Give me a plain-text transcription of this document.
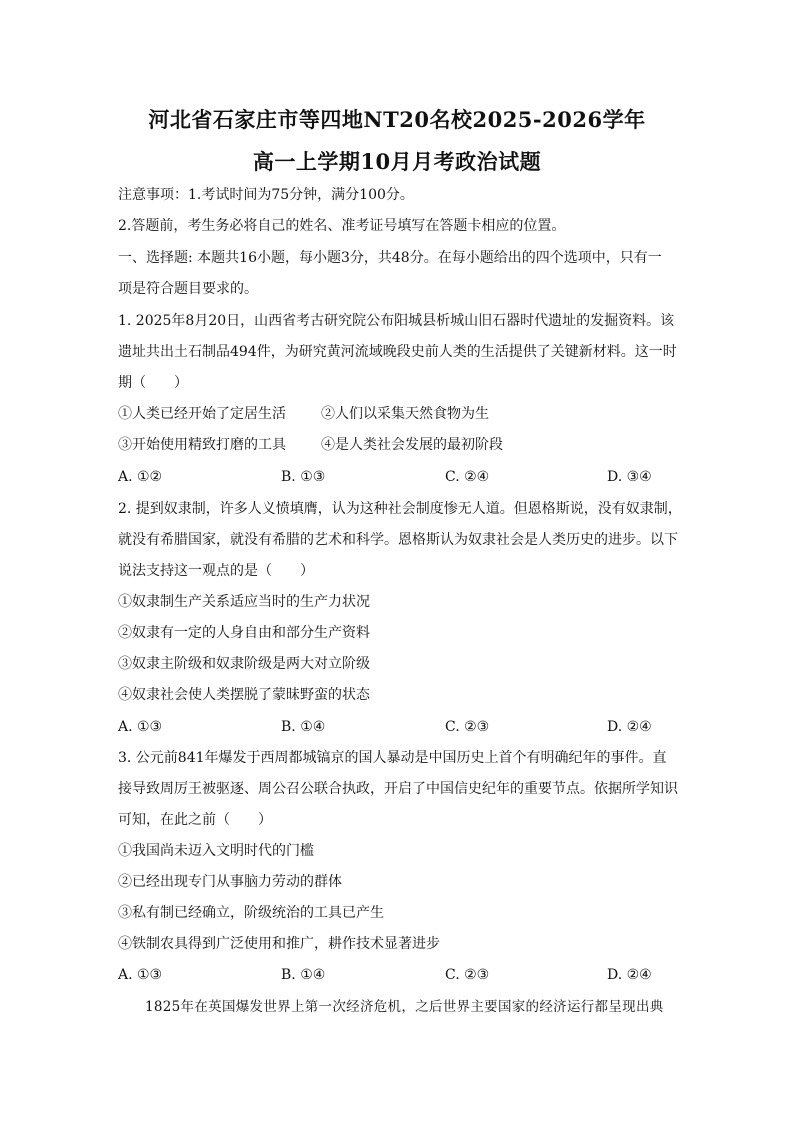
河北省石家庄市等四地NT20名校2025-2026学年
高一上学期10月月考政治试题
注意事项：1.考试时间为75分钟，满分100分。
2.答题前，考生务必将自己的姓名、准考证号填写在答题卡相应的位置。
一、选择题: 本题共16小题，每小题3分，共48分。在每小题给出的四个选项中，只有一
项是符合题目要求的。
1. 2025年8月20日，山西省考古研究院公布阳城县析城山旧石器时代遗址的发掘资料。该
遗址共出土石制品494件，为研究黄河流域晚段史前人类的生活提供了关键新材料。这一时
期（　　）
①人类已经开始了定居生活	②人们以采集天然食物为生
③开始使用精致打磨的工具	④是人类社会发展的最初阶段
A. ①②	B. ①③	C. ②④	D. ③④
2. 提到奴隶制，许多人义愤填膺，认为这种社会制度惨无人道。但恩格斯说，没有奴隶制，
就没有希腊国家，就没有希腊的艺术和科学。恩格斯认为奴隶社会是人类历史的进步。以下
说法支持这一观点的是（　　）
①奴隶制生产关系适应当时的生产力状况
②奴隶有一定的人身自由和部分生产资料
③奴隶主阶级和奴隶阶级是两大对立阶级
④奴隶社会使人类摆脱了蒙昧野蛮的状态
A. ①③	B. ①④	C. ②③	D. ②④
3. 公元前841年爆发于西周都城镐京的国人暴动是中国历史上首个有明确纪年的事件。直
接导致周厉王被驱逐、周公召公联合执政，开启了中国信史纪年的重要节点。依据所学知识
可知，在此之前（　　）
①我国尚未迈入文明时代的门槛
②已经出现专门从事脑力劳动的群体
③私有制已经确立，阶级统治的工具已产生
④铁制农具得到广泛使用和推广，耕作技术显著进步
A. ①③	B. ①④	C. ②③	D. ②④
1825年在英国爆发世界上第一次经济危机，之后世界主要国家的经济运行都呈现出典
